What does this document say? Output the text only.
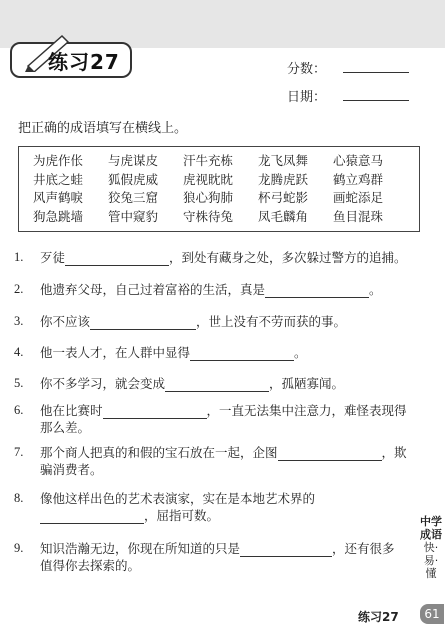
练习27	分数：
日期：
把正确的成语填写在横线上。
为虎作伥	与虎谋皮	汗牛充栋	龙飞凤舞	心猿意马
井底之蛙	狐假虎威	虎视眈眈	龙腾虎跃	鹤立鸡群
风声鹤唳	狡兔三窟	狼心狗肺	杯弓蛇影	画蛇添足
狗急跳墙	管中窥豹	守株待兔	凤毛麟角	鱼目混珠
1.	歹徒	，到处有藏身之处，多次躲过警方的追捕。
2.	他遗弃父母，自己过着富裕的生活，真是	。
3.	你不应该	，世上没有不劳而获的事。
4.	他一表人才，在人群中显得	。
5.	你不多学习，就会变成	，孤陋寡闻。
6.	他在比赛时	，一直无法集中注意力，难怪表现得
那么差。
7.	那个商人把真的和假的宝石放在一起，企图	，欺
骗消费者。
8.	像他这样出色的艺术表演家，实在是本地艺术界的
，屈指可数。
9.	知识浩瀚无边，你现在所知道的只是	，还有很多
值得你去探索的。
中学成语
快·易·懂
练习27	61
